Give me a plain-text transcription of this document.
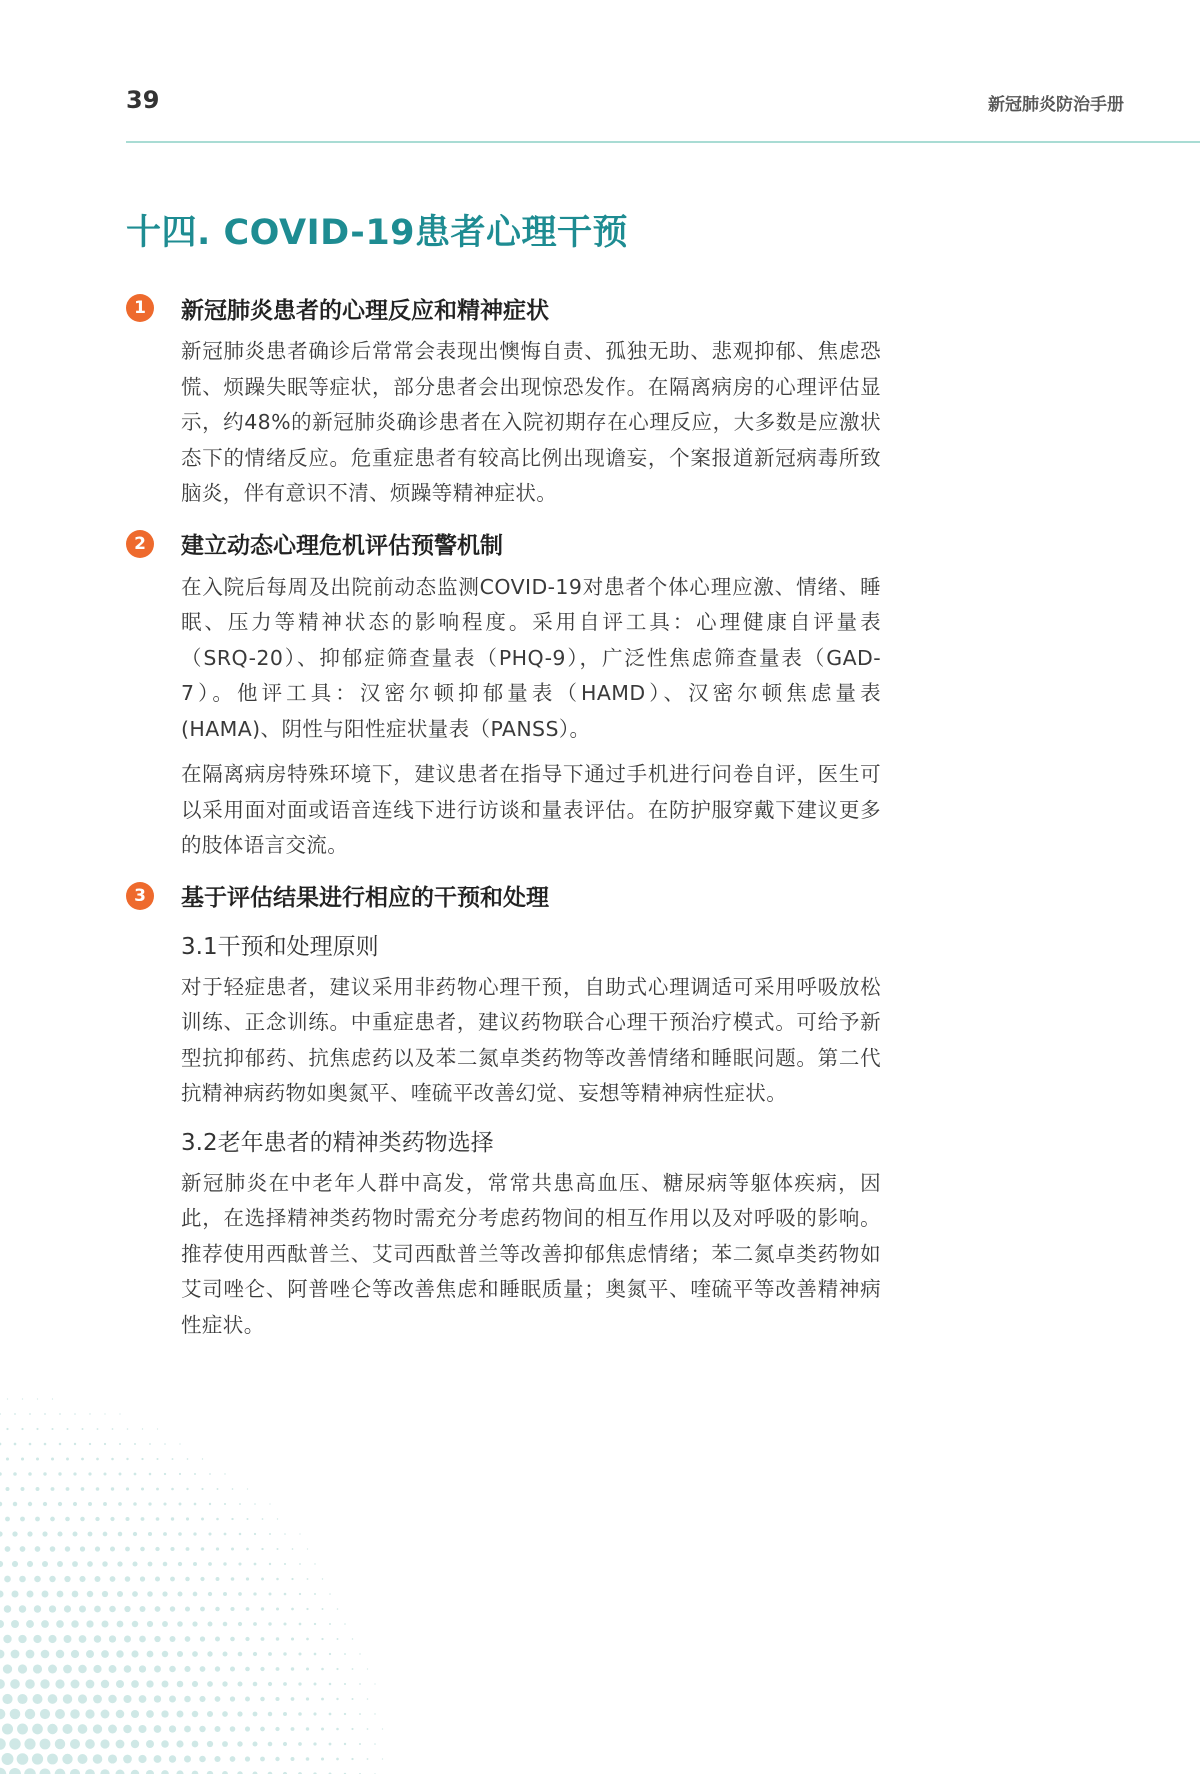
39	新冠肺炎防治手册
十四. COVID-19患者心理干预
1	新冠肺炎患者的心理反应和精神症状

新冠肺炎患者确诊后常常会表现出懊悔自责、孤独无助、悲观抑郁、焦虑恐慌、烦躁失眠等症状，部分患者会出现惊恐发作。在隔离病房的心理评估显示，约48%的新冠肺炎确诊患者在入院初期存在心理反应，大多数是应激状态下的情绪反应。危重症患者有较高比例出现谵妄，个案报道新冠病毒所致脑炎，伴有意识不清、烦躁等精神症状。

2	建立动态心理危机评估预警机制

在入院后每周及出院前动态监测COVID-19对患者个体心理应激、情绪、睡眠、压力等精神状态的影响程度。采用自评工具：心理健康自评量表（SRQ-20）、抑郁症筛查量表（PHQ-9），广泛性焦虑筛查量表（GAD-7）。他评工具：汉密尔顿抑郁量表（HAMD）、汉密尔顿焦虑量表(HAMA)、阴性与阳性症状量表（PANSS）。

在隔离病房特殊环境下，建议患者在指导下通过手机进行问卷自评，医生可以采用面对面或语音连线下进行访谈和量表评估。在防护服穿戴下建议更多的肢体语言交流。

3	基于评估结果进行相应的干预和处理
3.1干预和处理原则

对于轻症患者，建议采用非药物心理干预，自助式心理调适可采用呼吸放松训练、正念训练。中重症患者，建议药物联合心理干预治疗模式。可给予新型抗抑郁药、抗焦虑药以及苯二氮卓类药物等改善情绪和睡眠问题。第二代抗精神病药物如奥氮平、喹硫平改善幻觉、妄想等精神病性症状。

3.2老年患者的精神类药物选择

新冠肺炎在中老年人群中高发，常常共患高血压、糖尿病等躯体疾病，因此，在选择精神类药物时需充分考虑药物间的相互作用以及对呼吸的影响。推荐使用西酞普兰、艾司西酞普兰等改善抑郁焦虑情绪；苯二氮卓类药物如艾司唑仑、阿普唑仑等改善焦虑和睡眠质量；奥氮平、喹硫平等改善精神病性症状。
